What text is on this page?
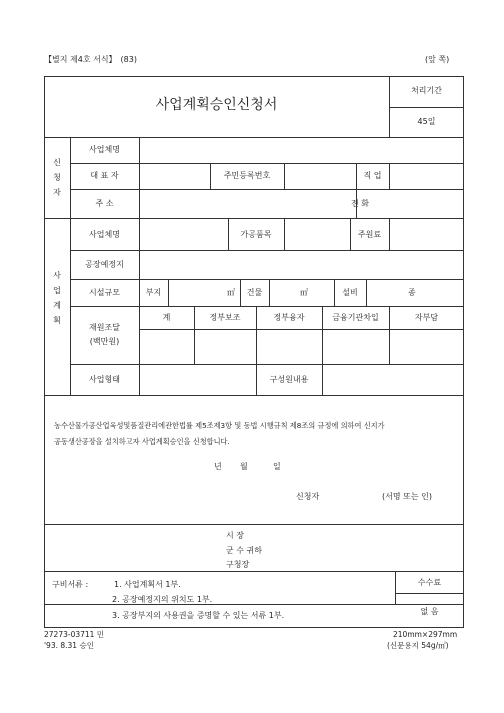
【별지 제4호 서식】 (83)	(앞 쪽)
사업계획승인신청서
처리기간
45일
신청자
사업체명
대 표 자	주민등록번호	직 업
주 소	전 화
사업계획
사업체명	가공품목	주원료
공장예정지
시설규모	부지	㎡	건물	㎡	설비	종
재원조달
(백만원)
계	정부보조	정부융자	금융기관차입	자부담
사업형태	구성원내용
농수산물가공산업육성및품질관리에관한법률 제5조제3항 및 동법 시행규칙 제8조의 규정에 의하여 신지가
공동생산공장을 설치하고자 사업계획승인을 신청합니다.
년 월	일
신청자	(서명 또는 인)
시 장
군 수 귀하
구청장
구비서류 :	1. 사업계획서 1부.
2. 공장예정지의 위치도 1부.
3. 공장부지의 사용권을 증명할 수 있는 서류 1부.
수수료
없 음
27273-03711 민
'93. 8.31 승인
210mm×297mm
(신문용지 54g/㎡)
